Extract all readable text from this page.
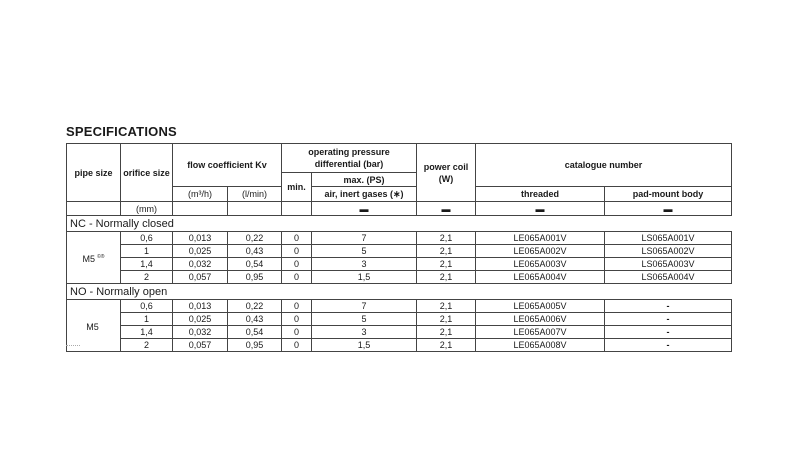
SPECIFICATIONS
pipe size	orifice size	flow coefficient Kv		operating pressure differential (bar)		power coil (W)	catalogue number	
				min.	max. (PS)			
		(m³/h)	(l/min)		air, inert gases (∗)		threaded	pad-mount body
	(mm)				▬	▬	▬	▬
NC - Normally closed								
M5 ©®	0,6	0,013	0,22	0	7	2,1	LE065A001V	LS065A001V
	1	0,025	0,43	0	5	2,1	LE065A002V	LS065A002V
	1,4	0,032	0,54	0	3	2,1	LE065A003V	LS065A003V
	2	0,057	0,95	0	1,5	2,1	LE065A004V	LS065A004V
NO - Normally open								
M5	0,6	0,013	0,22	0	7	2,1	LE065A005V	-
	1	0,025	0,43	0	5	2,1	LE065A006V	-
	1,4	0,032	0,54	0	3	2,1	LE065A007V	-
	2	0,057	0,95	0	1,5	2,1	LE065A008V	-
